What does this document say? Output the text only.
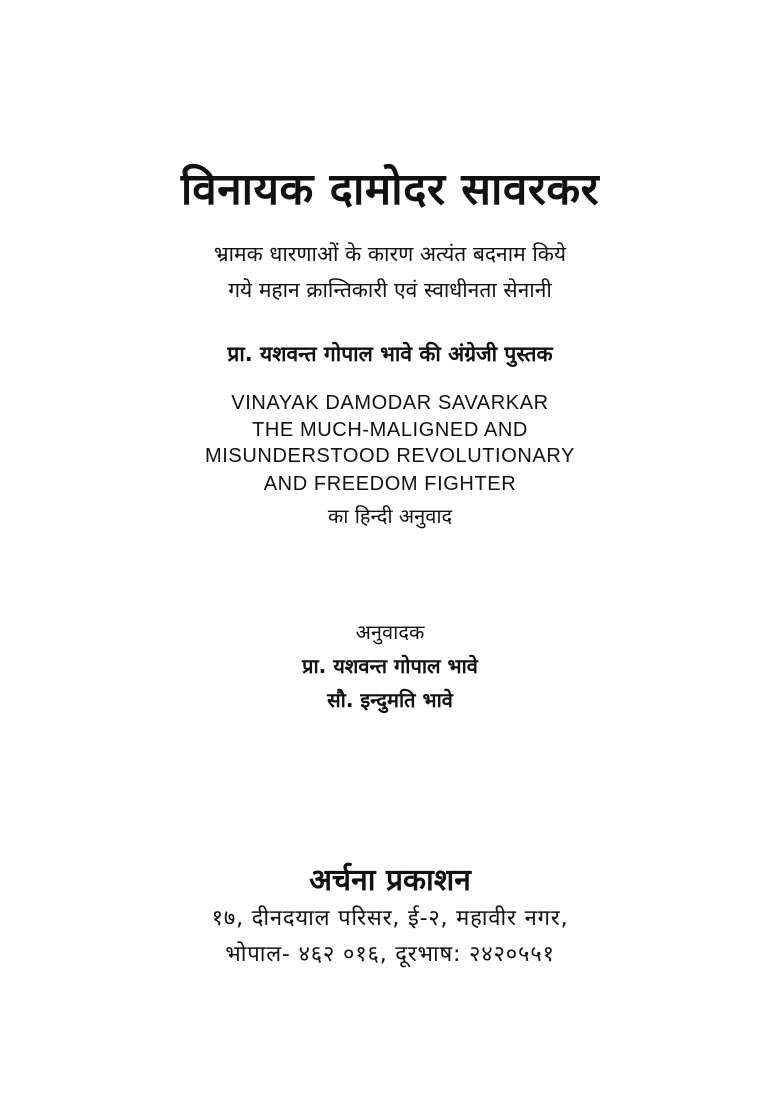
विनायक दामोदर सावरकर
भ्रामक धारणाओं के कारण अत्यंत बदनाम किये
गये महान क्रान्तिकारी एवं स्वाधीनता सेनानी
प्रा. यशवन्त गोपाल भावे की अंग्रेजी पुस्तक
VINAYAK DAMODAR SAVARKAR
THE MUCH-MALIGNED AND
MISUNDERSTOOD REVOLUTIONARY
AND FREEDOM FIGHTER
का हिन्दी अनुवाद
अनुवादक
प्रा. यशवन्त गोपाल भावे
सौ. इन्दुमति भावे
अर्चना प्रकाशन
१७, दीनदयाल परिसर, ई-२, महावीर नगर,
भोपाल- ४६२ ०१६, दूरभाष: २४२०५५१
